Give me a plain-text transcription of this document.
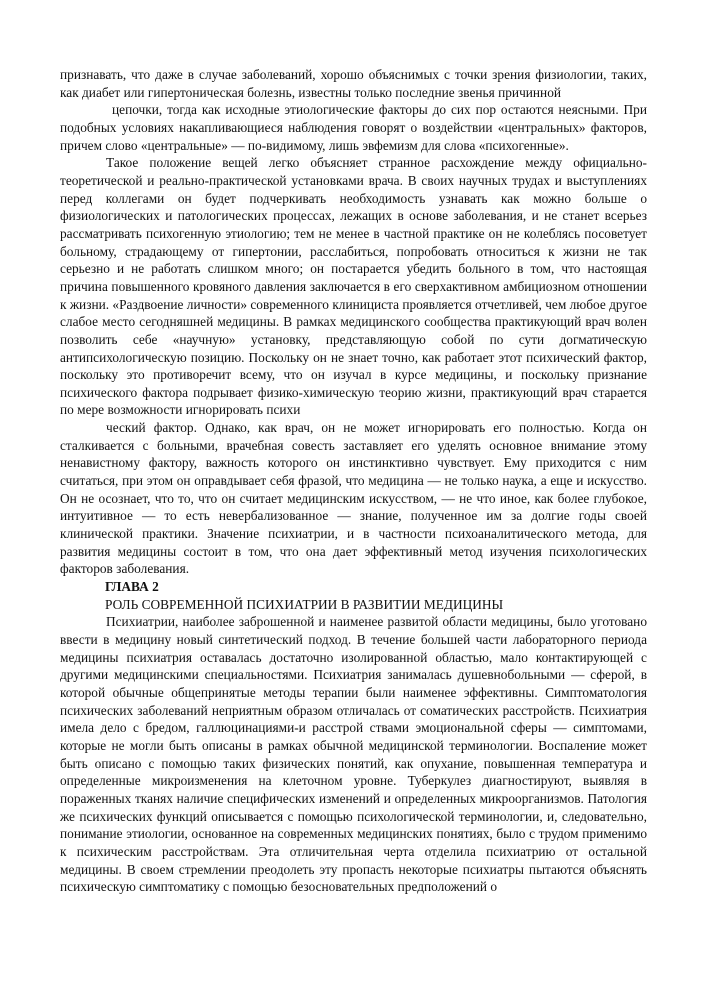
признавать, что даже в случае заболеваний, хорошо объяснимых с точки зрения физиологии, таких, как диабет или гипертоническая болезнь, известны только последние звенья причинной

цепочки, тогда как исходные этиологические факторы до сих пор остаются неясными. При подобных условиях накапливающиеся наблюдения говорят о воздействии «центральных» факторов, причем слово «центральные» — по-видимому, лишь эвфемизм для слова «психогенные».

Такое положение вещей легко объясняет странное расхождение между официально-теоретической и реально-практической установками врача. В своих научных трудах и выступлениях перед коллегами он будет подчеркивать необходимость узнавать как можно больше о физиологических и патологических процессах, лежащих в основе заболевания, и не станет всерьез рассматривать психогенную этиологию; тем не менее в частной практике он не колеблясь посоветует больному, страдающему от гипертонии, расслабиться, попробовать относиться к жизни не так серьезно и не работать слишком много; он постарается убедить больного в том, что настоящая причина повышенного кровяного давления заключается в его сверхактивном амбициозном отношении к жизни. «Раздвоение личности» современного клинициста проявляется отчетливей, чем любое другое слабое место сегодняшней медицины. В рамках медицинского сообщества практикующий врач волен позволить себе «научную» установку, представляющую собой по сути догматическую антипсихологическую позицию. Поскольку он не знает точно, как работает этот психический фактор, поскольку это противоречит всему, что он изучал в курсе медицины, и поскольку признание психического фактора подрывает физико-химическую теорию жизни, практикующий врач старается по мере возможности игнорировать психи

ческий фактор. Однако, как врач, он не может игнорировать его полностью. Когда он сталкивается с больными, врачебная совесть заставляет его уделять основное внимание этому ненавистному фактору, важность которого он инстинктивно чувствует. Ему приходится с ним считаться, при этом он оправдывает себя фразой, что медицина — не только наука, а еще и искусство. Он не осознает, что то, что он считает медицинским искусством, — не что иное, как более глубокое, интуитивное — то есть невербализованное — знание, полученное им за долгие годы своей клинической практики. Значение психиатрии, и в частности психоаналитического метода, для развития медицины состоит в том, что она дает эффективный метод изучения психологических факторов заболевания.

ГЛАВА 2

РОЛЬ СОВРЕМЕННОЙ ПСИХИАТРИИ В РАЗВИТИИ МЕДИЦИНЫ

Психиатрии, наиболее заброшенной и наименее развитой области медицины, было уготовано ввести в медицину новый синтетический подход. В течение большей части лабораторного периода медицины психиатрия оставалась достаточно изолированной областью, мало контактирующей с другими медицинскими специальностями. Психиатрия занималась душевнобольными — сферой, в которой обычные общепринятые методы терапии были наименее эффективны. Симптоматология психических заболеваний неприятным образом отличалась от соматических расстройств. Психиатрия имела дело с бредом, галлюцинациями-и расстрой ствами эмоциональной сферы — симптомами, которые не могли быть описаны в рамках обычной медицинской терминологии. Воспаление может быть описано с помощью таких физических понятий, как опухание, повышенная температура и определенные микроизменения на клеточном уровне. Туберкулез диагностируют, выявляя в пораженных тканях наличие специфических изменений и определенных микроорганизмов. Патология же психических функций описывается с помощью психологической терминологии, и, следовательно, понимание этиологии, основанное на современных медицинских понятиях, было с трудом применимо к психическим расстройствам. Эта отличительная черта отделила психиатрию от остальной медицины. В своем стремлении преодолеть эту пропасть некоторые психиатры пытаются объяснять психическую симптоматику с помощью безосновательных предположений о
